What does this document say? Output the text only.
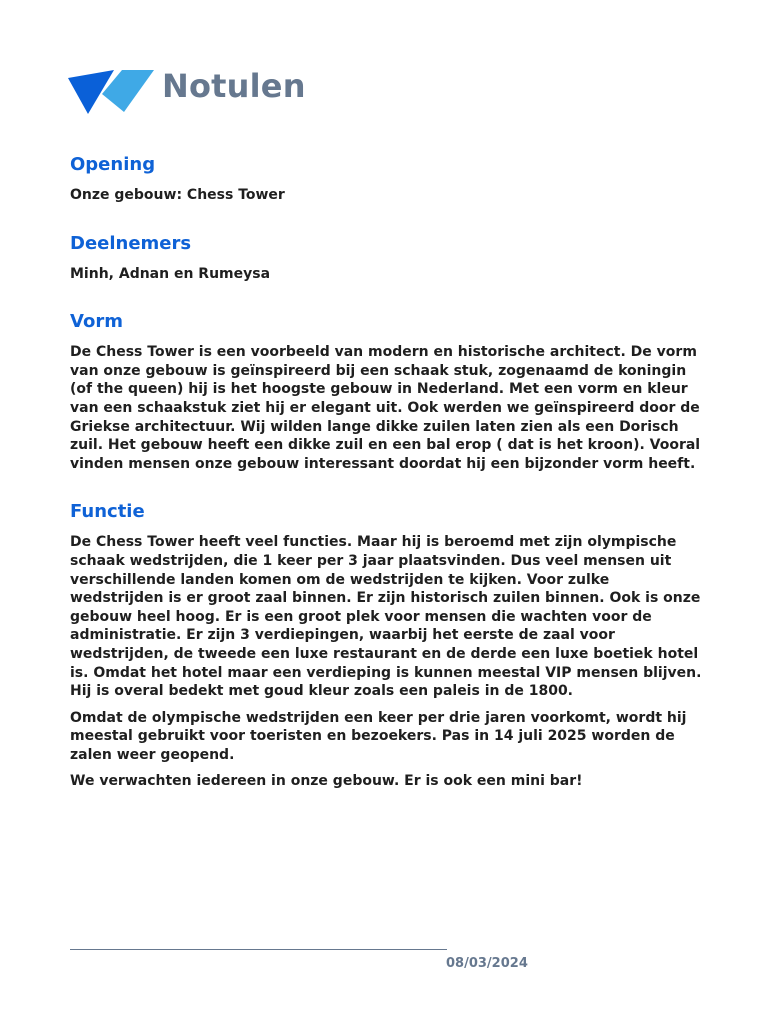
Notulen
Opening

Onze gebouw: Chess Tower

Deelnemers

Mi̇nh, Adnan en Rumeysa

Vorm

De Chess Tower is een voorbeeld van modern en historische architect. De vorm van onze gebouw is geïnspireerd bij een schaak stuk, zogenaamd de koningin (of the queen) hij is het hoogste gebouw in Nederland. Met een vorm en kleur van een schaakstuk ziet hij er elegant uit. Ook werden we geïnspireerd door de Griekse architectuur. Wij wilden lange dikke zuilen laten zien als een Dorisch zuil. Het gebouw heeft een dikke zuil en een bal erop ( dat is het kroon). Vooral vinden mensen onze gebouw interessant doordat hij een bijzonder vorm heeft.

Functie

De Chess Tower heeft veel functies. Maar hij is beroemd met zijn olympische schaak wedstrijden, die 1 keer per 3 jaar plaatsvinden. Dus veel mensen uit verschillende landen komen om de wedstrijden te kijken. Voor zulke wedstrijden is er groot zaal binnen. Er zijn historisch zuilen binnen. Ook is onze gebouw heel hoog. Er is een groot plek voor mensen die wachten voor de administratie. Er zijn 3 verdiepingen, waarbij het eerste de zaal voor wedstrijden, de tweede een luxe restaurant en de derde een luxe boetiek hotel is. Omdat het hotel maar een verdieping is kunnen meestal VIP mensen blijven. Hij is overal bedekt met goud kleur zoals een paleis in de 1800.

Omdat de olympische wedstrijden een keer per drie jaren voorkomt, wordt hij meestal gebruikt voor toeristen en bezoekers. Pas in 14 juli 2025 worden de zalen weer geopend.

We verwachten iedereen in onze gebouw. Er is ook een mini bar!

08/03/2024
